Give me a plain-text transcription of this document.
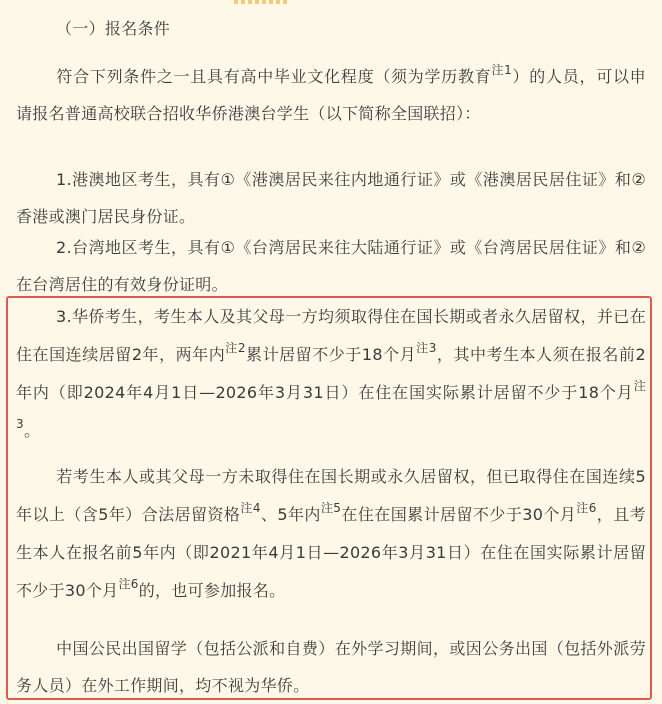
（一）报名条件

符合下列条件之一且具有高中毕业文化程度（须为学历教育$^{注1}$）的人员，可以申请报名普通高校联合招收华侨港澳台学生（以下简称全国联招）：

1.港澳地区考生，具有①《港澳居民来往内地通行证》或《港澳居民居住证》和②香港或澳门居民身份证。

2.台湾地区考生，具有①《台湾居民来往大陆通行证》或《台湾居民居住证》和②在台湾居住的有效身份证明。

3.华侨考生，考生本人及其父母一方均须取得住在国长期或者永久居留权，并已在住在国连续居留2年，两年内$^{注2}$累计居留不少于18个月$^{注3}$，其中考生本人须在报名前2年内（即2024年4月1日—2026年3月31日）在住在国实际累计居留不少于18个月$^{注3}$。

若考生本人或其父母一方未取得住在国长期或永久居留权，但已取得住在国连续5年以上（含5年）合法居留资格$^{注4}$、5年内$^{注5}$在住在国累计居留不少于30个月$^{注6}$，且考生本人在报名前5年内（即2021年4月1日—2026年3月31日）在住在国实际累计居留不少于30个月$^{注6}$的，也可参加报名。

中国公民出国留学（包括公派和自费）在外学习期间，或因公务出国（包括外派劳务人员）在外工作期间，均不视为华侨。
